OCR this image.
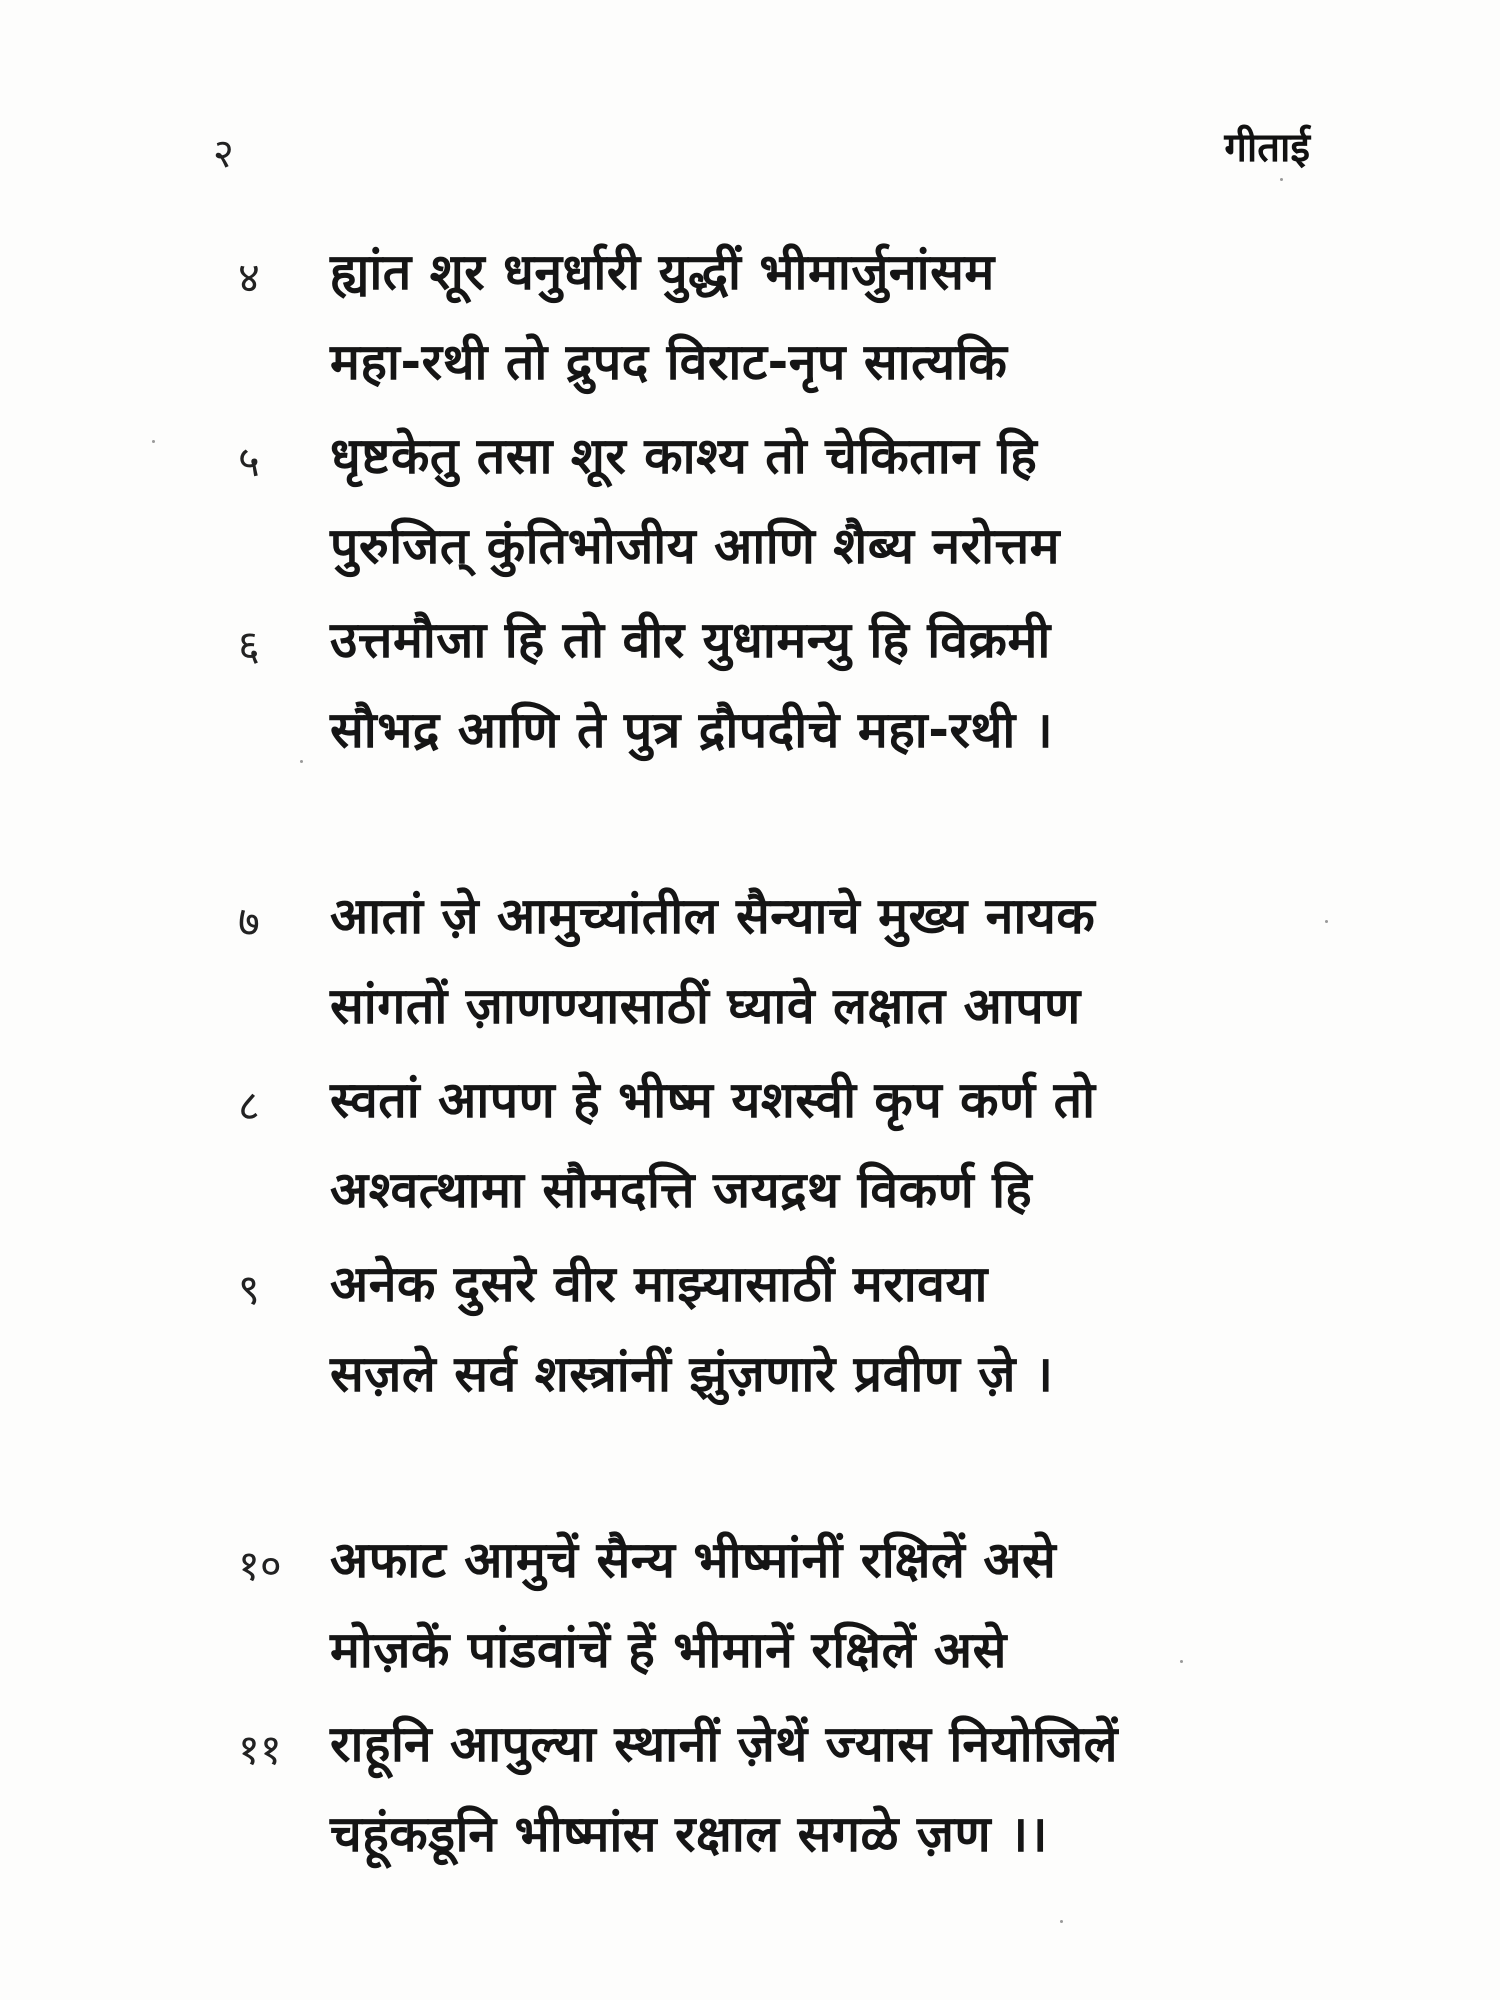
२	गीताई
४ ह्यांत शूर धनुर्धारी युद्धीं भीमार्जुनांसम
महा-रथी तो द्रुपद विराट-नृप सात्यकि
५ धृष्टकेतु तसा शूर काश्य तो चेकितान हि
पुरुजित् कुंतिभोजीय आणि शैब्य नरोत्तम
६ उत्तमौजा हि तो वीर युधामन्यु हि विक्रमी
सौभद्र आणि ते पुत्र द्रौपदीचे महा-रथी ।
७ आतां ज़े आमुच्यांतील सैन्याचे मुख्य नायक
सांगतों ज़ाणण्यासाठीं घ्यावे लक्षात आपण
८ स्वतां आपण हे भीष्म यशस्वी कृप कर्ण तो
अश्वत्थामा सौमदत्ति जयद्रथ विकर्ण हि
९ अनेक दुसरे वीर माझ्यासाठीं मरावया
सज़ले सर्व शस्त्रांनीं झुंज़णारे प्रवीण ज़े ।
१० अफाट आमुचें सैन्य भीष्मांनीं रक्षिलें असे
मोज़कें पांडवांचें हें भीमानें रक्षिलें असे
११ राहूनि आपुल्या स्थानीं ज़ेथें ज्यास नियोजिलें
चहूंकडूनि भीष्मांस रक्षाल सगळे ज़ण ।।
